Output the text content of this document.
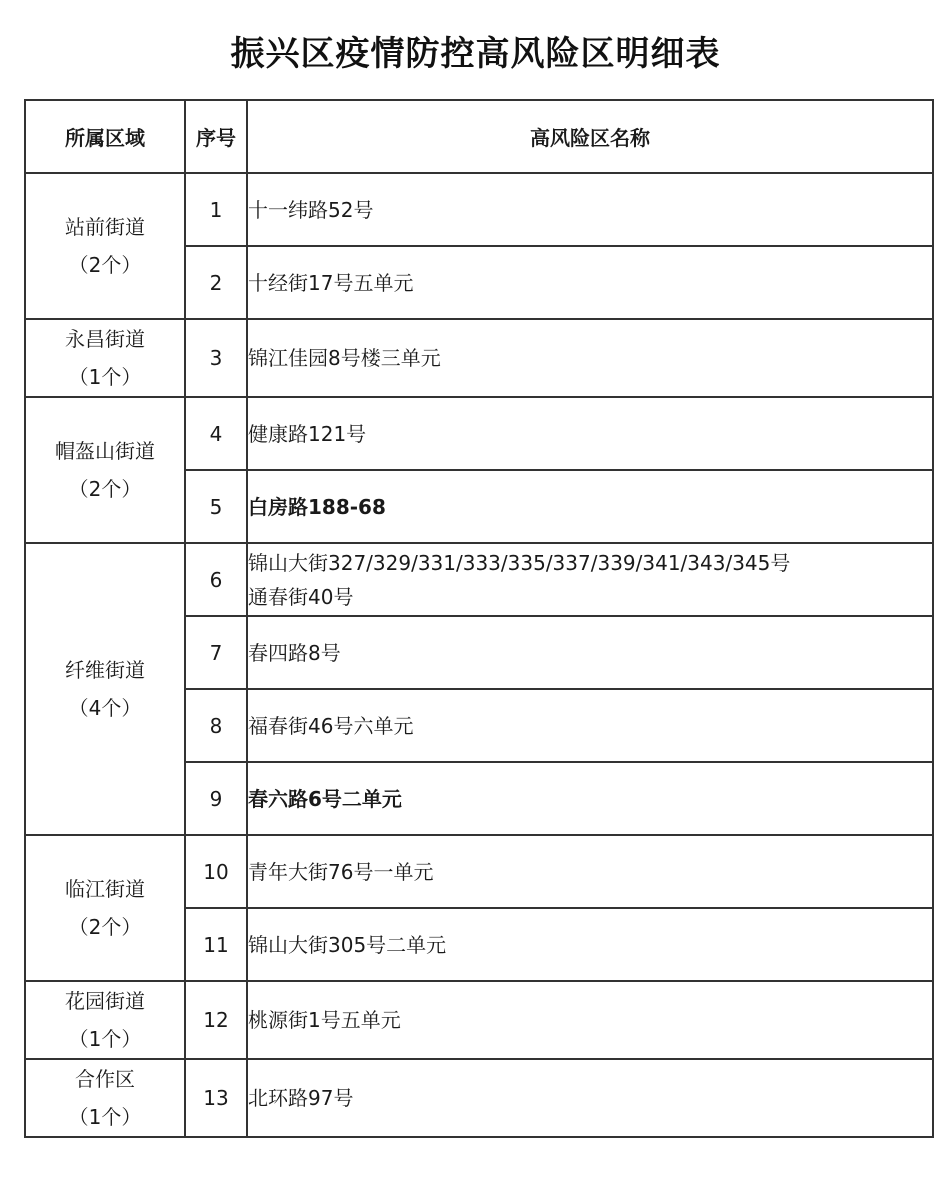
振兴区疫情防控高风险区明细表
所属区域	序号	高风险区名称

站前街道
（2个）	1	十一纬路52号

	2	十经街17号五单元

永昌街道
（1个）	3	锦江佳园8号楼三单元

帽盔山街道
（2个）	4	健康路121号

	5	白房路188-68

纤维街道
（4个）	6	锦山大街327/329/331/333/335/337/339/341/343/345号
通春街40号

	7	春四路8号

	8	福春街46号六单元

	9	春六路6号二单元

临江街道
（2个）	10	青年大街76号一单元

	11	锦山大街305号二单元

花园街道
（1个）	12	桃源街1号五单元

合作区
（1个）	13	北环路97号
